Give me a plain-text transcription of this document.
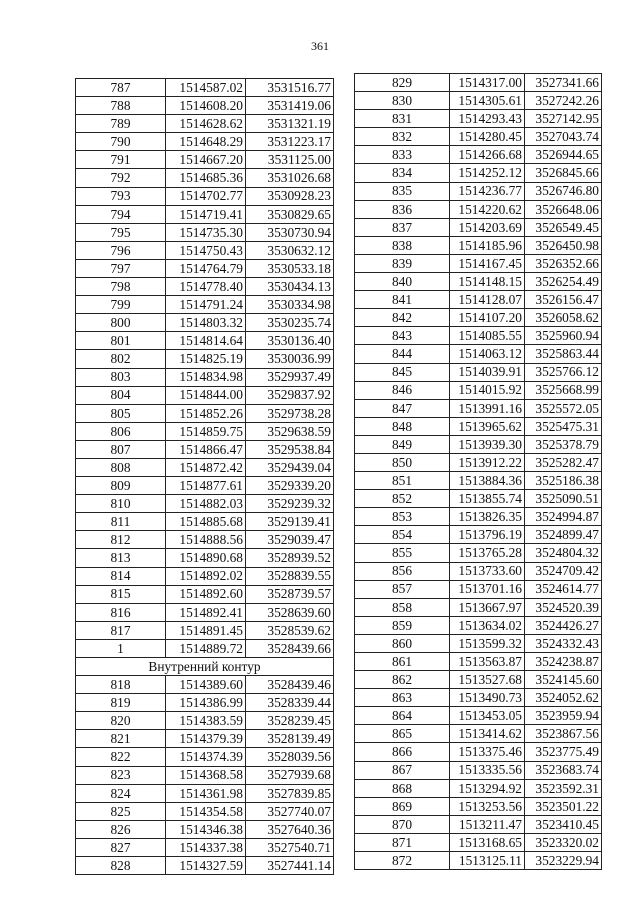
361
787	1514587.02	3531516.77
788	1514608.20	3531419.06
789	1514628.62	3531321.19
790	1514648.29	3531223.17
791	1514667.20	3531125.00
792	1514685.36	3531026.68
793	1514702.77	3530928.23
794	1514719.41	3530829.65
795	1514735.30	3530730.94
796	1514750.43	3530632.12
797	1514764.79	3530533.18
798	1514778.40	3530434.13
799	1514791.24	3530334.98
800	1514803.32	3530235.74
801	1514814.64	3530136.40
802	1514825.19	3530036.99
803	1514834.98	3529937.49
804	1514844.00	3529837.92
805	1514852.26	3529738.28
806	1514859.75	3529638.59
807	1514866.47	3529538.84
808	1514872.42	3529439.04
809	1514877.61	3529339.20
810	1514882.03	3529239.32
811	1514885.68	3529139.41
812	1514888.56	3529039.47
813	1514890.68	3528939.52
814	1514892.02	3528839.55
815	1514892.60	3528739.57
816	1514892.41	3528639.60
817	1514891.45	3528539.62
1	1514889.72	3528439.66
Внутренний контур		
818	1514389.60	3528439.46
819	1514386.99	3528339.44
820	1514383.59	3528239.45
821	1514379.39	3528139.49
822	1514374.39	3528039.56
823	1514368.58	3527939.68
824	1514361.98	3527839.85
825	1514354.58	3527740.07
826	1514346.38	3527640.36
827	1514337.38	3527540.71
828	1514327.59	3527441.14
829	1514317.00	3527341.66
830	1514305.61	3527242.26
831	1514293.43	3527142.95
832	1514280.45	3527043.74
833	1514266.68	3526944.65
834	1514252.12	3526845.66
835	1514236.77	3526746.80
836	1514220.62	3526648.06
837	1514203.69	3526549.45
838	1514185.96	3526450.98
839	1514167.45	3526352.66
840	1514148.15	3526254.49
841	1514128.07	3526156.47
842	1514107.20	3526058.62
843	1514085.55	3525960.94
844	1514063.12	3525863.44
845	1514039.91	3525766.12
846	1514015.92	3525668.99
847	1513991.16	3525572.05
848	1513965.62	3525475.31
849	1513939.30	3525378.79
850	1513912.22	3525282.47
851	1513884.36	3525186.38
852	1513855.74	3525090.51
853	1513826.35	3524994.87
854	1513796.19	3524899.47
855	1513765.28	3524804.32
856	1513733.60	3524709.42
857	1513701.16	3524614.77
858	1513667.97	3524520.39
859	1513634.02	3524426.27
860	1513599.32	3524332.43
861	1513563.87	3524238.87
862	1513527.68	3524145.60
863	1513490.73	3524052.62
864	1513453.05	3523959.94
865	1513414.62	3523867.56
866	1513375.46	3523775.49
867	1513335.56	3523683.74
868	1513294.92	3523592.31
869	1513253.56	3523501.22
870	1513211.47	3523410.45
871	1513168.65	3523320.02
872	1513125.11	3523229.94
